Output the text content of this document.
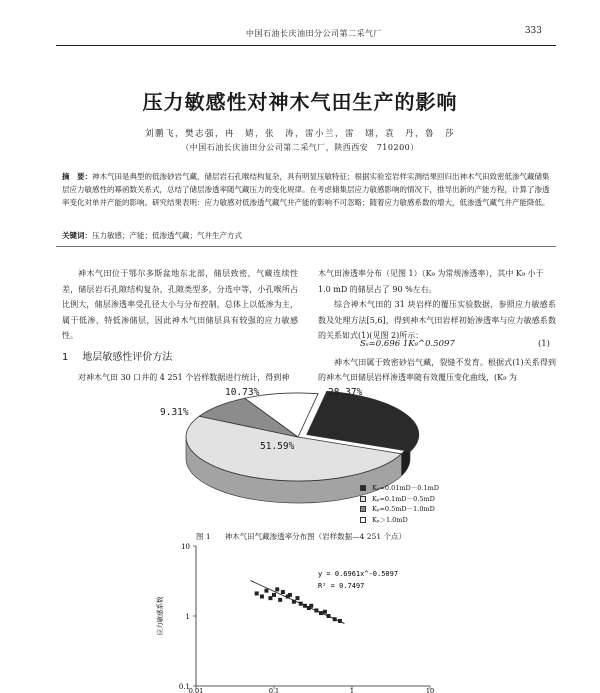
中国石油长庆油田分公司第二采气厂	333
压力敏感性对神木气田生产的影响
刘鹏飞，樊志强，冉　婧，张　涛，雷小兰，雷　翃，袁　丹，鲁　莎
（中国石油长庆油田分公司第二采气厂，陕西西安　710200）
摘　要：神木气田是典型的低渗砂岩气藏，储层岩石孔喉结构复杂，具有明显压敏特征；根据实验室岩样实测结果回归出神木气田致密低渗气藏储集层应力敏感性的幂函数关系式，总结了储层渗透率随气藏压力的变化规律。在考虑储集层应力敏感影响的情况下，推导出新的产能方程，计算了渗透率变化对单井产能的影响。研究结果表明：应力敏感对低渗透气藏气井产能的影响不可忽略；随着应力敏感系数的增大，低渗透气藏气井产能降低。
关键词：压力敏感；产能；低渗透气藏；气井生产方式

神木气田位于鄂尔多斯盆地东北部，储层致密，气藏连续性差，储层岩石孔隙结构复杂，孔隙类型多，分选中等，小孔喉所占比例大，储层渗透率受孔径大小与分布控制，总体上以低渗为主，属于低渗、特低渗储层，因此神木气田储层具有较强的应力敏感性。

1 地层敏感性评价方法
对神木气田 30 口井的 4 251 个岩样数据进行统计，得到神

木气田渗透率分布（见图 1）（K₉ 为常规渗透率），其中 K₉ 小于 1.0 mD 的储层占了 90 %左右。

综合神木气田的 31 块岩样的覆压实验数据，参照应力敏感系数及处理方法[5,6]，得到神木气田岩样初始渗透率与应力敏感系数的关系如式(1)(见图 2)所示：

Sₛ=0.696 1K₉^0.5097	(1)
神木气田属于致密砂岩气藏，裂缝不发育。根据式(1)关系得到的神木气田储层岩样渗透率随有效覆压变化曲线，(K₉ 为
10.73%	28.37%
9.31%
51.59%
Kₚ=0.01mD－0.1mD
Kₚ=0.1mD－0.5mD
Kₚ=0.5mD－1.0mD
Kₚ＞1.0mD
图 1 神木气田气藏渗透率分布图（岩样数据—4 251 个点）
10
1
0.1
应力敏感系数
y = 0.6961x^-0.5097
R² = 0.7497
0.01	0.1	1	10
